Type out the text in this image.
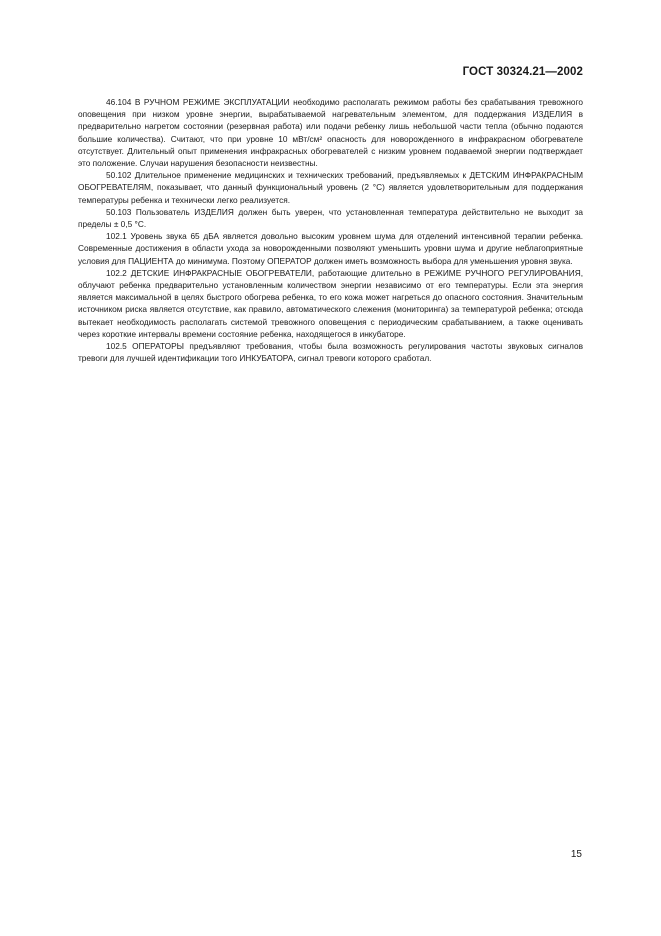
ГОСТ 30324.21—2002

46.104 В РУЧНОМ РЕЖИМЕ ЭКСПЛУАТАЦИИ необходимо располагать режимом работы без срабатывания тревожного оповещения при низком уровне энергии, вырабатываемой нагревательным элементом, для поддержания ИЗДЕЛИЯ в предварительно нагретом состоянии (резервная работа) или подачи ребенку лишь небольшой части тепла (обычно подаются большие количества). Считают, что при уровне 10 мВт/см² опасность для новорожденного в инфракрасном обогревателе отсутствует. Длительный опыт применения инфракрасных обогревателей с низким уровнем подаваемой энергии подтверждает это положение. Случаи нарушения безопасности неизвестны.

50.102 Длительное применение медицинских и технических требований, предъявляемых к ДЕТСКИМ ИНФРАКРАСНЫМ ОБОГРЕВАТЕЛЯМ, показывает, что данный функциональный уровень (2 °С) является удовлетворительным для поддержания температуры ребенка и технически легко реализуется.

50.103 Пользователь ИЗДЕЛИЯ должен быть уверен, что установленная температура действительно не выходит за пределы ± 0,5 °С.

102.1 Уровень звука 65 дБА является довольно высоким уровнем шума для отделений интенсивной терапии ребенка. Современные достижения в области ухода за новорожденными позволяют уменьшить уровни шума и другие неблагоприятные условия для ПАЦИЕНТА до минимума. Поэтому ОПЕРАТОР должен иметь возможность выбора для уменьшения уровня звука.

102.2 ДЕТСКИЕ ИНФРАКРАСНЫЕ ОБОГРЕВАТЕЛИ, работающие длительно в РЕЖИМЕ РУЧНОГО РЕГУЛИРОВАНИЯ, облучают ребенка предварительно установленным количеством энергии независимо от его температуры. Если эта энергия является максимальной в целях быстрого обогрева ребенка, то его кожа может нагреться до опасного состояния. Значительным источником риска является отсутствие, как правило, автоматического слежения (мониторинга) за температурой ребенка; отсюда вытекает необходимость располагать системой тревожного оповещения с периодическим срабатыванием, а также оценивать через короткие интервалы времени состояние ребенка, находящегося в инкубаторе.

102.5 ОПЕРАТОРЫ предъявляют требования, чтобы была возможность регулирования частоты звуковых сигналов тревоги для лучшей идентификации того ИНКУБАТОРА, сигнал тревоги которого сработал.

15
